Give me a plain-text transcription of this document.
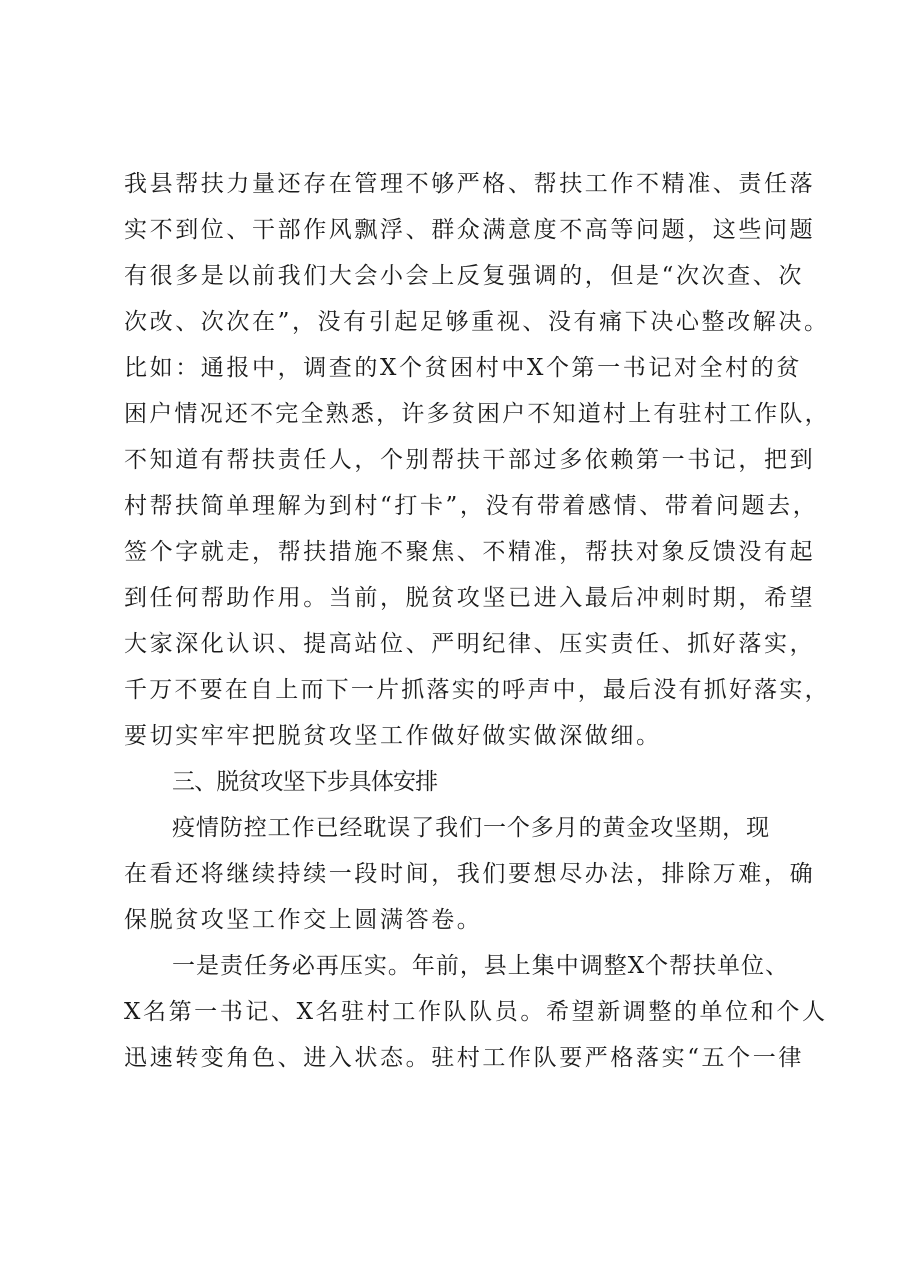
我县帮扶力量还存在管理不够严格、帮扶工作不精准、责任落
实不到位、干部作风飘浮、群众满意度不高等问题，这些问题
有很多是以前我们大会小会上反复强调的，但是“次次查、次
次改、次次在”，没有引起足够重视、没有痛下决心整改解决。
比如：通报中，调查的X个贫困村中X个第一书记对全村的贫
困户情况还不完全熟悉，许多贫困户不知道村上有驻村工作队，
不知道有帮扶责任人，个别帮扶干部过多依赖第一书记，把到
村帮扶简单理解为到村“打卡”，没有带着感情、带着问题去，
签个字就走，帮扶措施不聚焦、不精准，帮扶对象反馈没有起
到任何帮助作用。当前，脱贫攻坚已进入最后冲刺时期，希望
大家深化认识、提高站位、严明纪律、压实责任、抓好落实，
千万不要在自上而下一片抓落实的呼声中，最后没有抓好落实，
要切实牢牢把脱贫攻坚工作做好做实做深做细。
三、脱贫攻坚下步具体安排
疫情防控工作已经耽误了我们一个多月的黄金攻坚期，现
在看还将继续持续一段时间，我们要想尽办法，排除万难，确
保脱贫攻坚工作交上圆满答卷。
一是责任务必再压实。年前，县上集中调整X个帮扶单位、
X名第一书记、X名驻村工作队队员。希望新调整的单位和个人
迅速转变角色、进入状态。驻村工作队要严格落实“五个一律
